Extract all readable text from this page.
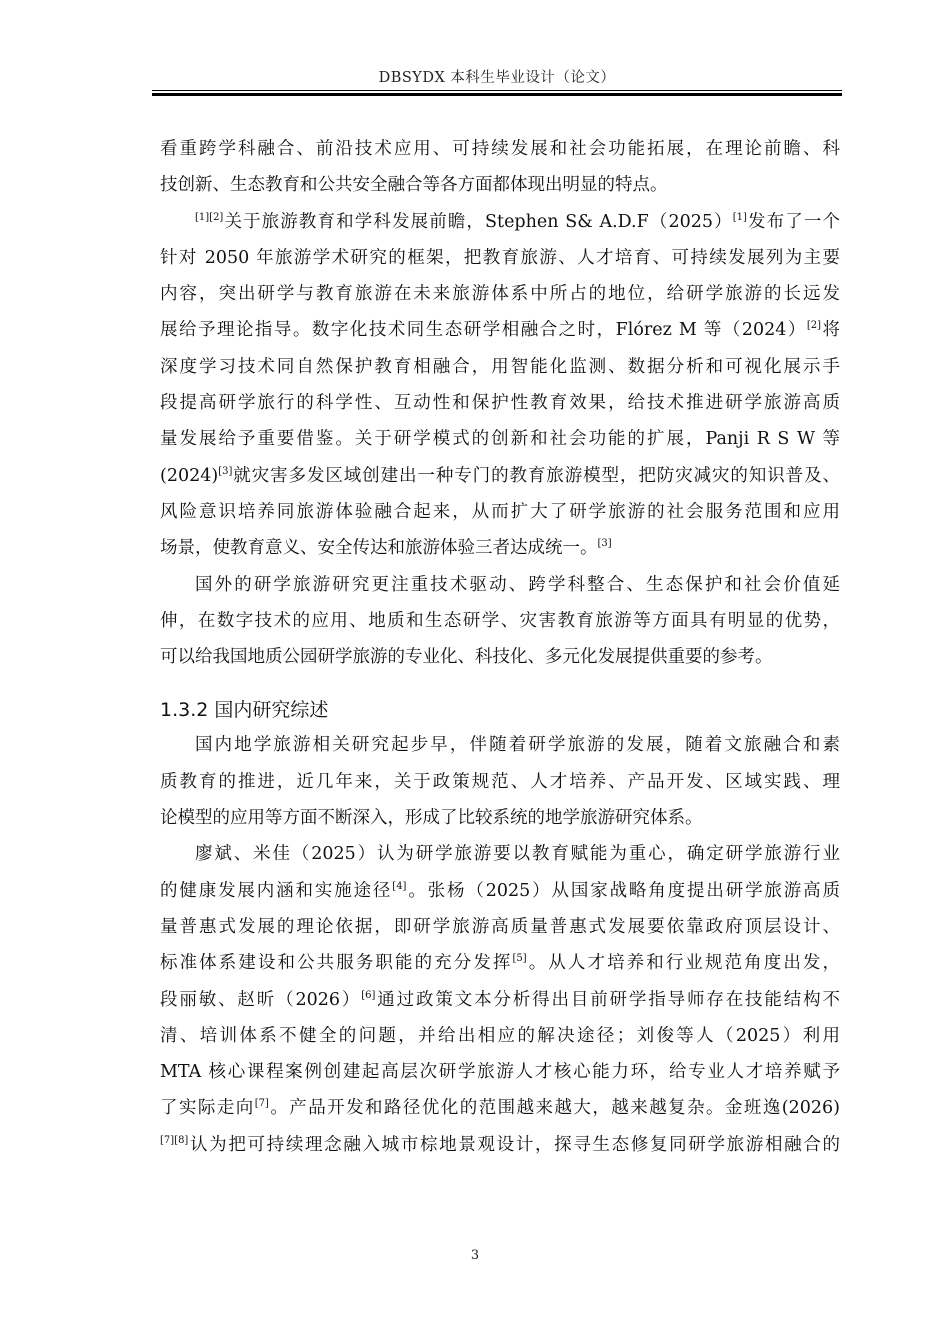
DBSYDX 本科生毕业设计（论文）
看重跨学科融合、前沿技术应用、可持续发展和社会功能拓展，在理论前瞻、科
技创新、生态教育和公共安全融合等各方面都体现出明显的特点。
[1][2]关于旅游教育和学科发展前瞻，Stephen S& A.D.F（2025）[1]发布了一个
针对 2050 年旅游学术研究的框架，把教育旅游、人才培育、可持续发展列为主要
内容，突出研学与教育旅游在未来旅游体系中所占的地位，给研学旅游的长远发
展给予理论指导。数字化技术同生态研学相融合之时，Flórez M 等（2024）[2]将
深度学习技术同自然保护教育相融合，用智能化监测、数据分析和可视化展示手
段提高研学旅行的科学性、互动性和保护性教育效果，给技术推进研学旅游高质
量发展给予重要借鉴。关于研学模式的创新和社会功能的扩展，Panji R S W 等
(2024)[3]就灾害多发区域创建出一种专门的教育旅游模型，把防灾减灾的知识普及、
风险意识培养同旅游体验融合起来，从而扩大了研学旅游的社会服务范围和应用
场景，使教育意义、安全传达和旅游体验三者达成统一。[3]
国外的研学旅游研究更注重技术驱动、跨学科整合、生态保护和社会价值延
伸，在数字技术的应用、地质和生态研学、灾害教育旅游等方面具有明显的优势，
可以给我国地质公园研学旅游的专业化、科技化、多元化发展提供重要的参考。
1.3.2 国内研究综述
国内地学旅游相关研究起步早，伴随着研学旅游的发展，随着文旅融合和素
质教育的推进，近几年来，关于政策规范、人才培养、产品开发、区域实践、理
论模型的应用等方面不断深入，形成了比较系统的地学旅游研究体系。
廖斌、米佳（2025）认为研学旅游要以教育赋能为重心，确定研学旅游行业
的健康发展内涵和实施途径[4]。张杨（2025）从国家战略角度提出研学旅游高质
量普惠式发展的理论依据，即研学旅游高质量普惠式发展要依靠政府顶层设计、
标准体系建设和公共服务职能的充分发挥[5]。从人才培养和行业规范角度出发，
段丽敏、赵昕（2026）[6]通过政策文本分析得出目前研学指导师存在技能结构不
清、培训体系不健全的问题，并给出相应的解决途径；刘俊等人（2025）利用
MTA 核心课程案例创建起高层次研学旅游人才核心能力环，给专业人才培养赋予
了实际走向[7]。产品开发和路径优化的范围越来越大，越来越复杂。金班逸(2026)
[7][8]认为把可持续理念融入城市棕地景观设计，探寻生态修复同研学旅游相融合的
3
